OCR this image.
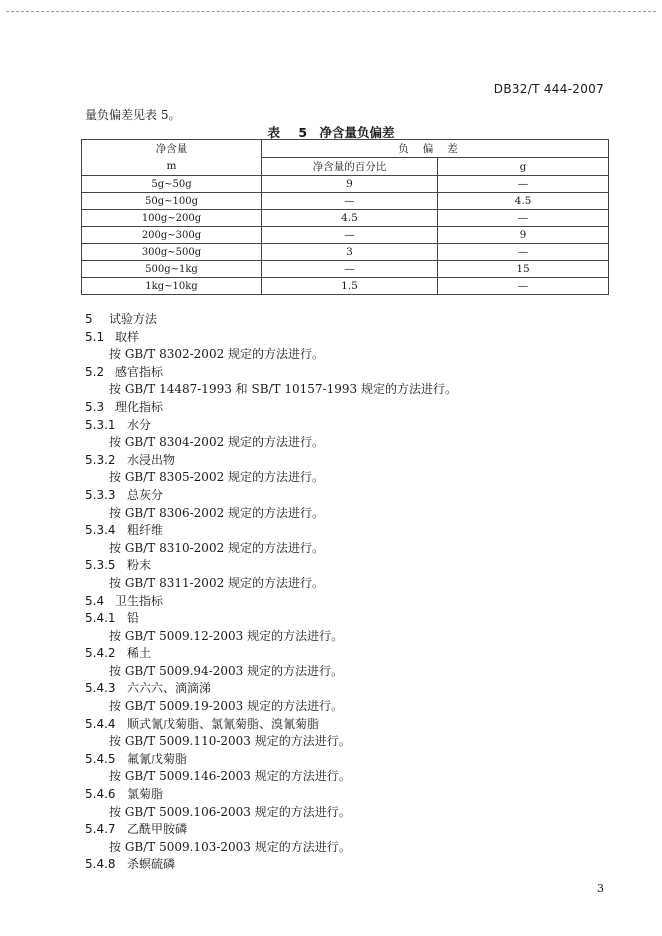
DB32/T 444-2007
量负偏差见表 5。
表 5　净含量负偏差
净含量	负偏差	
m	净含量的百分比	g
5g~50g	9	—
50g~100g	—	4.5
100g~200g	4.5	—
200g~300g	—	9
300g~500g	3	—
500g~1kg	—	15
1kg~10kg	1.5	—
5 试验方法
5.1 取样
按 GB/T 8302-2002 规定的方法进行。
5.2 感官指标
按 GB/T 14487-1993 和 SB/T 10157-1993 规定的方法进行。
5.3 理化指标
5.3.1 水分
按 GB/T 8304-2002 规定的方法进行。
5.3.2 水浸出物
按 GB/T 8305-2002 规定的方法进行。
5.3.3 总灰分
按 GB/T 8306-2002 规定的方法进行。
5.3.4 粗纤维
按 GB/T 8310-2002 规定的方法进行。
5.3.5 粉末
按 GB/T 8311-2002 规定的方法进行。
5.4 卫生指标
5.4.1 铅
按 GB/T 5009.12-2003 规定的方法进行。
5.4.2 稀土
按 GB/T 5009.94-2003 规定的方法进行。
5.4.3 六六六、滴滴涕
按 GB/T 5009.19-2003 规定的方法进行。
5.4.4 顺式氰戊菊脂、氯氰菊脂、溴氰菊脂
按 GB/T 5009.110-2003 规定的方法进行。
5.4.5 氟氰戊菊脂
按 GB/T 5009.146-2003 规定的方法进行。
5.4.6 氯菊脂
按 GB/T 5009.106-2003 规定的方法进行。
5.4.7 乙酰甲胺磷
按 GB/T 5009.103-2003 规定的方法进行。
5.4.8 杀螟硫磷
3
